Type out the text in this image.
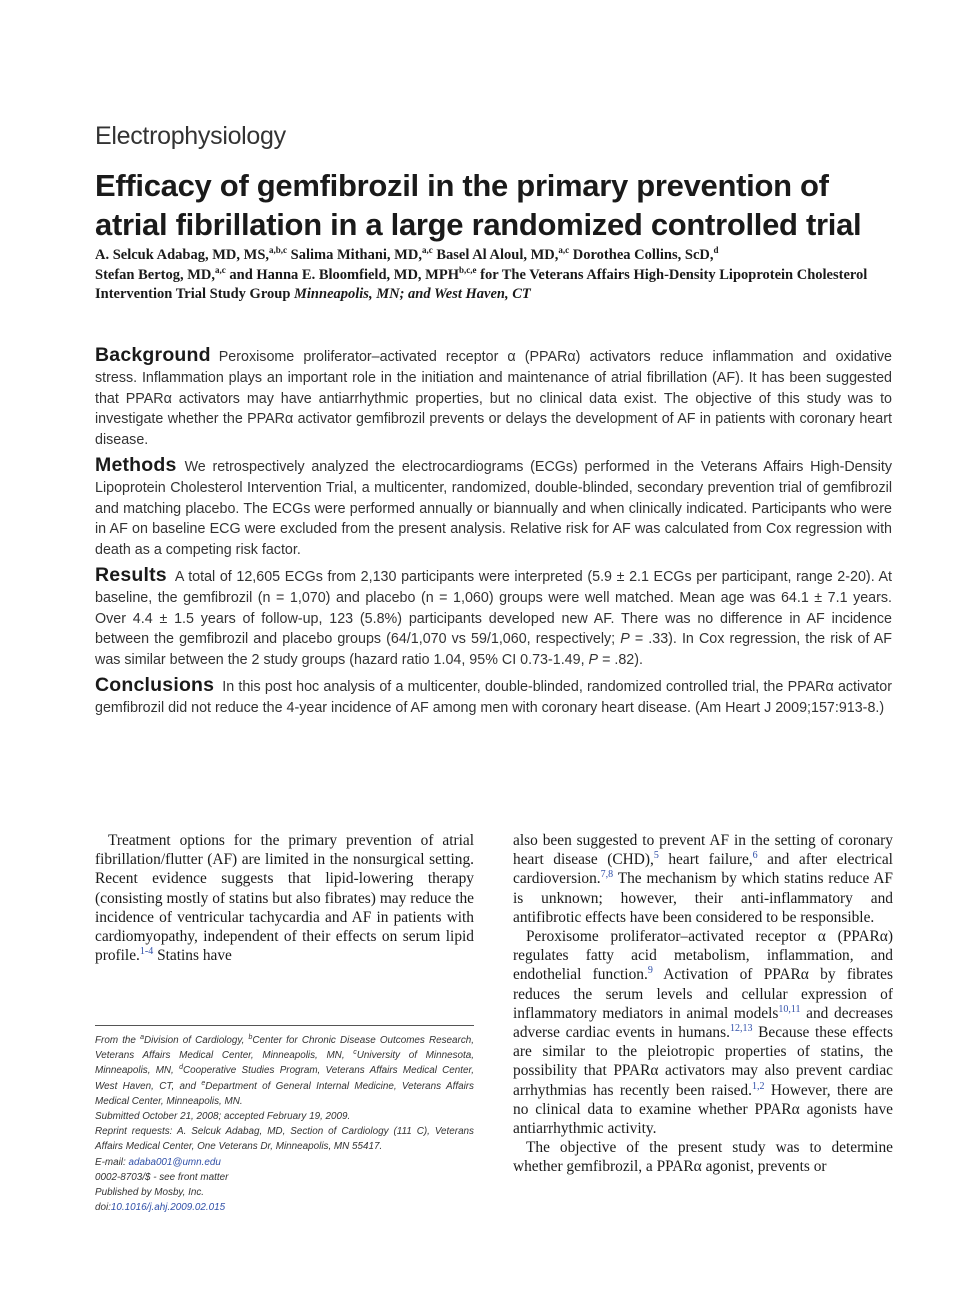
Electrophysiology
Efficacy of gemfibrozil in the primary prevention of atrial fibrillation in a large randomized controlled trial
A. Selcuk Adabag, MD, MS,$^{a,b,c}$ Salima Mithani, MD,$^{a,c}$ Basel Al Aloul, MD,$^{a,c}$ Dorothea Collins, ScD,$^d$
Stefan Bertog, MD,$^{a,c}$ and Hanna E. Bloomfield, MD, MPH$^{b,c,e}$ for The Veterans Affairs High-Density Lipoprotein Cholesterol Intervention Trial Study Group Minneapolis, MN; and West Haven, CT

Background Peroxisome proliferator–activated receptor α (PPARα) activators reduce inflammation and oxidative stress. Inflammation plays an important role in the initiation and maintenance of atrial fibrillation (AF). It has been suggested that PPARα activators may have antiarrhythmic properties, but no clinical data exist. The objective of this study was to investigate whether the PPARα activator gemfibrozil prevents or delays the development of AF in patients with coronary heart disease.

Methods We retrospectively analyzed the electrocardiograms (ECGs) performed in the Veterans Affairs High-Density Lipoprotein Cholesterol Intervention Trial, a multicenter, randomized, double-blinded, secondary prevention trial of gemfibrozil and matching placebo. The ECGs were performed annually or biannually and when clinically indicated. Participants who were in AF on baseline ECG were excluded from the present analysis. Relative risk for AF was calculated from Cox regression with death as a competing risk factor.

Results A total of 12,605 ECGs from 2,130 participants were interpreted (5.9 ± 2.1 ECGs per participant, range 2-20). At baseline, the gemfibrozil (n = 1,070) and placebo (n = 1,060) groups were well matched. Mean age was 64.1 ± 7.1 years. Over 4.4 ± 1.5 years of follow-up, 123 (5.8%) participants developed new AF. There was no difference in AF incidence between the gemfibrozil and placebo groups (64/1,070 vs 59/1,060, respectively; P = .33). In Cox regression, the risk of AF was similar between the 2 study groups (hazard ratio 1.04, 95% CI 0.73-1.49, P = .82).

Conclusions In this post hoc analysis of a multicenter, double-blinded, randomized controlled trial, the PPARα activator gemfibrozil did not reduce the 4-year incidence of AF among men with coronary heart disease. (Am Heart J 2009;157:913-8.)

Treatment options for the primary prevention of atrial fibrillation/flutter (AF) are limited in the nonsurgical setting. Recent evidence suggests that lipid-lowering therapy (consisting mostly of statins but also fibrates) may reduce the incidence of ventricular tachycardia and AF in patients with cardiomyopathy, independent of their effects on serum lipid profile.$^{1-4}$ Statins have

From the $^a$Division of Cardiology, $^b$Center for Chronic Disease Outcomes Research, Veterans Affairs Medical Center, Minneapolis, MN, $^c$University of Minnesota, Minneapolis, MN, $^d$Cooperative Studies Program, Veterans Affairs Medical Center, West Haven, CT, and $^e$Department of General Internal Medicine, Veterans Affairs Medical Center, Minneapolis, MN.
Submitted October 21, 2008; accepted February 19, 2009.
Reprint requests: A. Selcuk Adabag, MD, Section of Cardiology (111 C), Veterans Affairs Medical Center, One Veterans Dr, Minneapolis, MN 55417.
E-mail: adaba001@umn.edu
0002-8703/$ - see front matter
Published by Mosby, Inc.
doi:10.1016/j.ahj.2009.02.015

also been suggested to prevent AF in the setting of coronary heart disease (CHD),$^5$ heart failure,$^6$ and after electrical cardioversion.$^{7,8}$ The mechanism by which statins reduce AF is unknown; however, their anti-inflammatory and antifibrotic effects have been considered to be responsible.

Peroxisome proliferator–activated receptor α (PPARα) regulates fatty acid metabolism, inflammation, and endothelial function.$^9$ Activation of PPARα by fibrates reduces the serum levels and cellular expression of inflammatory mediators in animal models$^{10,11}$ and decreases adverse cardiac events in humans.$^{12,13}$ Because these effects are similar to the pleiotropic properties of statins, the possibility that PPARα activators may also prevent cardiac arrhythmias has recently been raised.$^{1,2}$ However, there are no clinical data to examine whether PPARα agonists have antiarrhythmic activity.

The objective of the present study was to determine whether gemfibrozil, a PPARα agonist, prevents or
